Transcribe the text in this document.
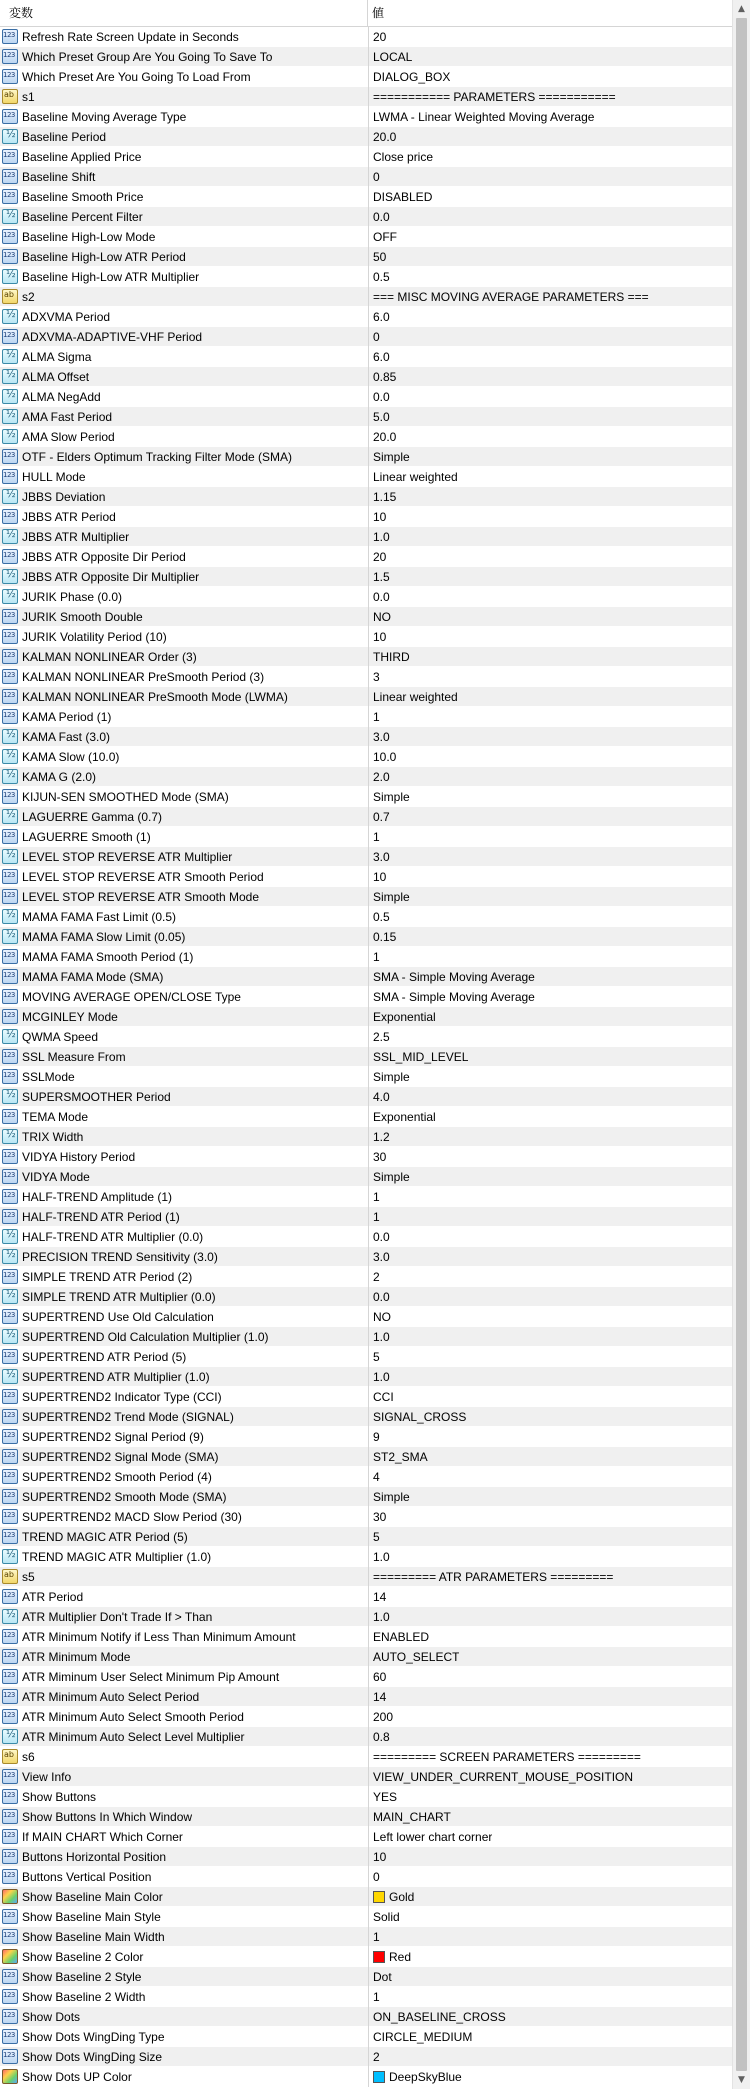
変数	値
123
Refresh Rate Screen Update in Seconds	20
123
Which Preset Group Are You Going To Save To	LOCAL
123
Which Preset Are You Going To Load From	DIALOG_BOX
ab
s1	=========== PARAMETERS ===========
123
Baseline Moving Average Type	LWMA - Linear Weighted Moving Average
½
Baseline Period	20.0
123
Baseline Applied Price	Close price
123
Baseline Shift	0
123
Baseline Smooth Price	DISABLED
½
Baseline Percent Filter	0.0
123
Baseline High-Low Mode	OFF
123
Baseline High-Low ATR Period	50
½
Baseline High-Low ATR Multiplier	0.5
ab
s2	=== MISC MOVING AVERAGE PARAMETERS ===
½
ADXVMA Period	6.0
123
ADXVMA-ADAPTIVE-VHF Period	0
½
ALMA Sigma	6.0
½
ALMA Offset	0.85
½
ALMA NegAdd	0.0
½
AMA Fast Period	5.0
½
AMA Slow Period	20.0
123
OTF - Elders Optimum Tracking Filter Mode (SMA)	Simple
123
HULL Mode	Linear weighted
½
JBBS Deviation	1.15
123
JBBS ATR Period	10
½
JBBS ATR Multiplier	1.0
123
JBBS ATR Opposite Dir Period	20
½
JBBS ATR Opposite Dir Multiplier	1.5
½
JURIK Phase (0.0)	0.0
123
JURIK Smooth Double	NO
123
JURIK Volatility Period (10)	10
123
KALMAN NONLINEAR Order (3)	THIRD
123
KALMAN NONLINEAR PreSmooth Period (3)	3
123
KALMAN NONLINEAR PreSmooth Mode (LWMA)	Linear weighted
123
KAMA Period (1)	1
½
KAMA Fast (3.0)	3.0
½
KAMA Slow (10.0)	10.0
½
KAMA G (2.0)	2.0
123
KIJUN-SEN SMOOTHED Mode (SMA)	Simple
½
LAGUERRE Gamma (0.7)	0.7
123
LAGUERRE Smooth (1)	1
½
LEVEL STOP REVERSE ATR Multiplier	3.0
123
LEVEL STOP REVERSE ATR Smooth Period	10
123
LEVEL STOP REVERSE ATR Smooth Mode	Simple
½
MAMA FAMA Fast Limit (0.5)	0.5
½
MAMA FAMA Slow Limit (0.05)	0.15
123
MAMA FAMA Smooth Period (1)	1
123
MAMA FAMA Mode (SMA)	SMA - Simple Moving Average
123
MOVING AVERAGE OPEN/CLOSE Type	SMA - Simple Moving Average
123
MCGINLEY Mode	Exponential
½
QWMA Speed	2.5
123
SSL Measure From	SSL_MID_LEVEL
123
SSLMode	Simple
½
SUPERSMOOTHER Period	4.0
123
TEMA Mode	Exponential
½
TRIX Width	1.2
123
VIDYA History Period	30
123
VIDYA Mode	Simple
123
HALF-TREND Amplitude (1)	1
123
HALF-TREND ATR Period (1)	1
½
HALF-TREND ATR Multiplier (0.0)	0.0
½
PRECISION TREND Sensitivity (3.0)	3.0
123
SIMPLE TREND ATR Period (2)	2
½
SIMPLE TREND ATR Multiplier (0.0)	0.0
123
SUPERTREND Use Old Calculation	NO
½
SUPERTREND Old Calculation Multiplier (1.0)	1.0
123
SUPERTREND ATR Period (5)	5
½
SUPERTREND ATR Multiplier (1.0)	1.0
123
SUPERTREND2 Indicator Type (CCI)	CCI
123
SUPERTREND2 Trend Mode (SIGNAL)	SIGNAL_CROSS
123
SUPERTREND2 Signal Period (9)	9
123
SUPERTREND2 Signal Mode (SMA)	ST2_SMA
123
SUPERTREND2 Smooth Period (4)	4
123
SUPERTREND2 Smooth Mode (SMA)	Simple
123
SUPERTREND2 MACD Slow Period (30)	30
123
TREND MAGIC ATR Period (5)	5
½
TREND MAGIC ATR Multiplier (1.0)	1.0
ab
s5	========= ATR PARAMETERS =========
123
ATR Period	14
½
ATR Multiplier Don't Trade If > Than	1.0
123
ATR Minimum Notify if Less Than Minimum Amount	ENABLED
123
ATR Minimum Mode	AUTO_SELECT
123
ATR Miminum User Select Minimum Pip Amount	60
123
ATR Minimum Auto Select Period	14
123
ATR Minimum Auto Select Smooth Period	200
½
ATR Minimum Auto Select Level Multiplier	0.8
ab
s6	========= SCREEN PARAMETERS =========
123
View Info	VIEW_UNDER_CURRENT_MOUSE_POSITION
123
Show Buttons	YES
123
Show Buttons In Which Window	MAIN_CHART
123
If MAIN CHART Which Corner	Left lower chart corner
123
Buttons Horizontal Position	10
123
Buttons Vertical Position	0
Show Baseline Main Color	Gold
123
Show Baseline Main Style	Solid
123
Show Baseline Main Width	1
Show Baseline 2 Color	Red
123
Show Baseline 2 Style	Dot
123
Show Baseline 2 Width	1
123
Show Dots	ON_BASELINE_CROSS
123
Show Dots WingDing Type	CIRCLE_MEDIUM
123
Show Dots WingDing Size	2
Show Dots UP Color	DeepSkyBlue
▲
▼
